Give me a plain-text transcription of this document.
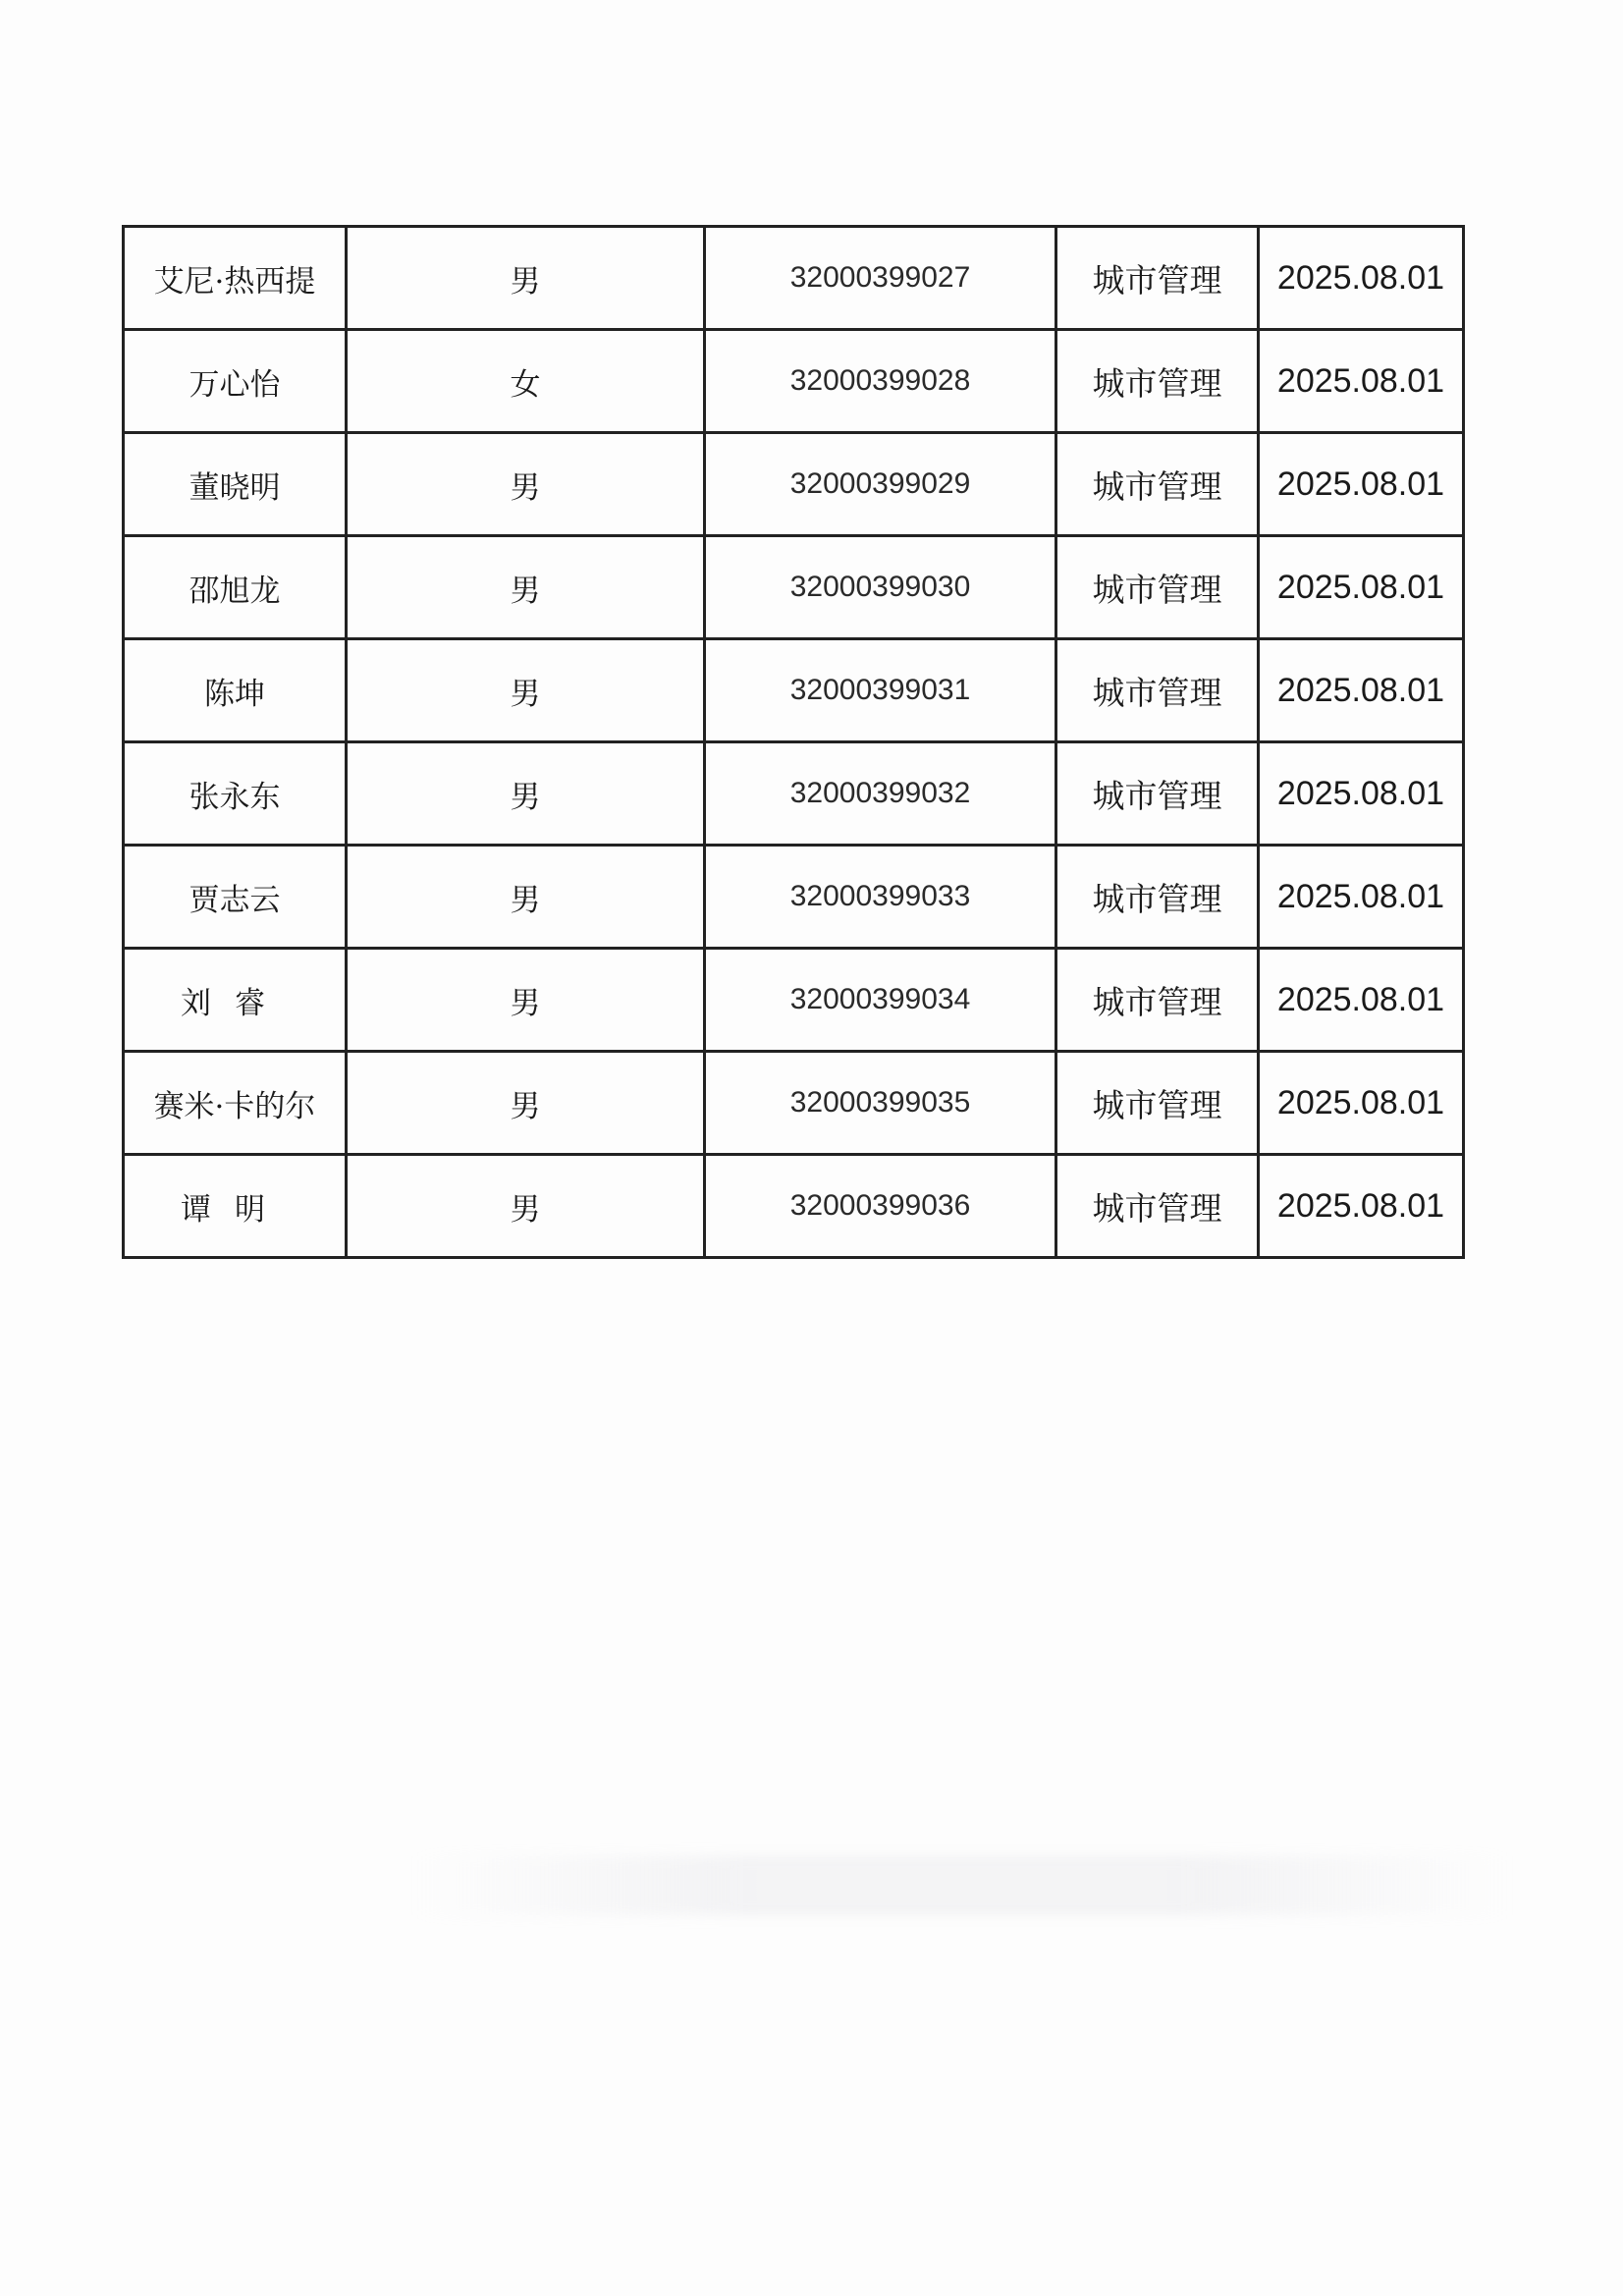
艾尼·热西提	男	32000399027	城市管理	2025.08.01
万心怡	女	32000399028	城市管理	2025.08.01
董晓明	男	32000399029	城市管理	2025.08.01
邵旭龙	男	32000399030	城市管理	2025.08.01
陈坤	男	32000399031	城市管理	2025.08.01
张永东	男	32000399032	城市管理	2025.08.01
贾志云	男	32000399033	城市管理	2025.08.01
刘睿	男	32000399034	城市管理	2025.08.01
赛米·卡的尔	男	32000399035	城市管理	2025.08.01
谭明	男	32000399036	城市管理	2025.08.01
